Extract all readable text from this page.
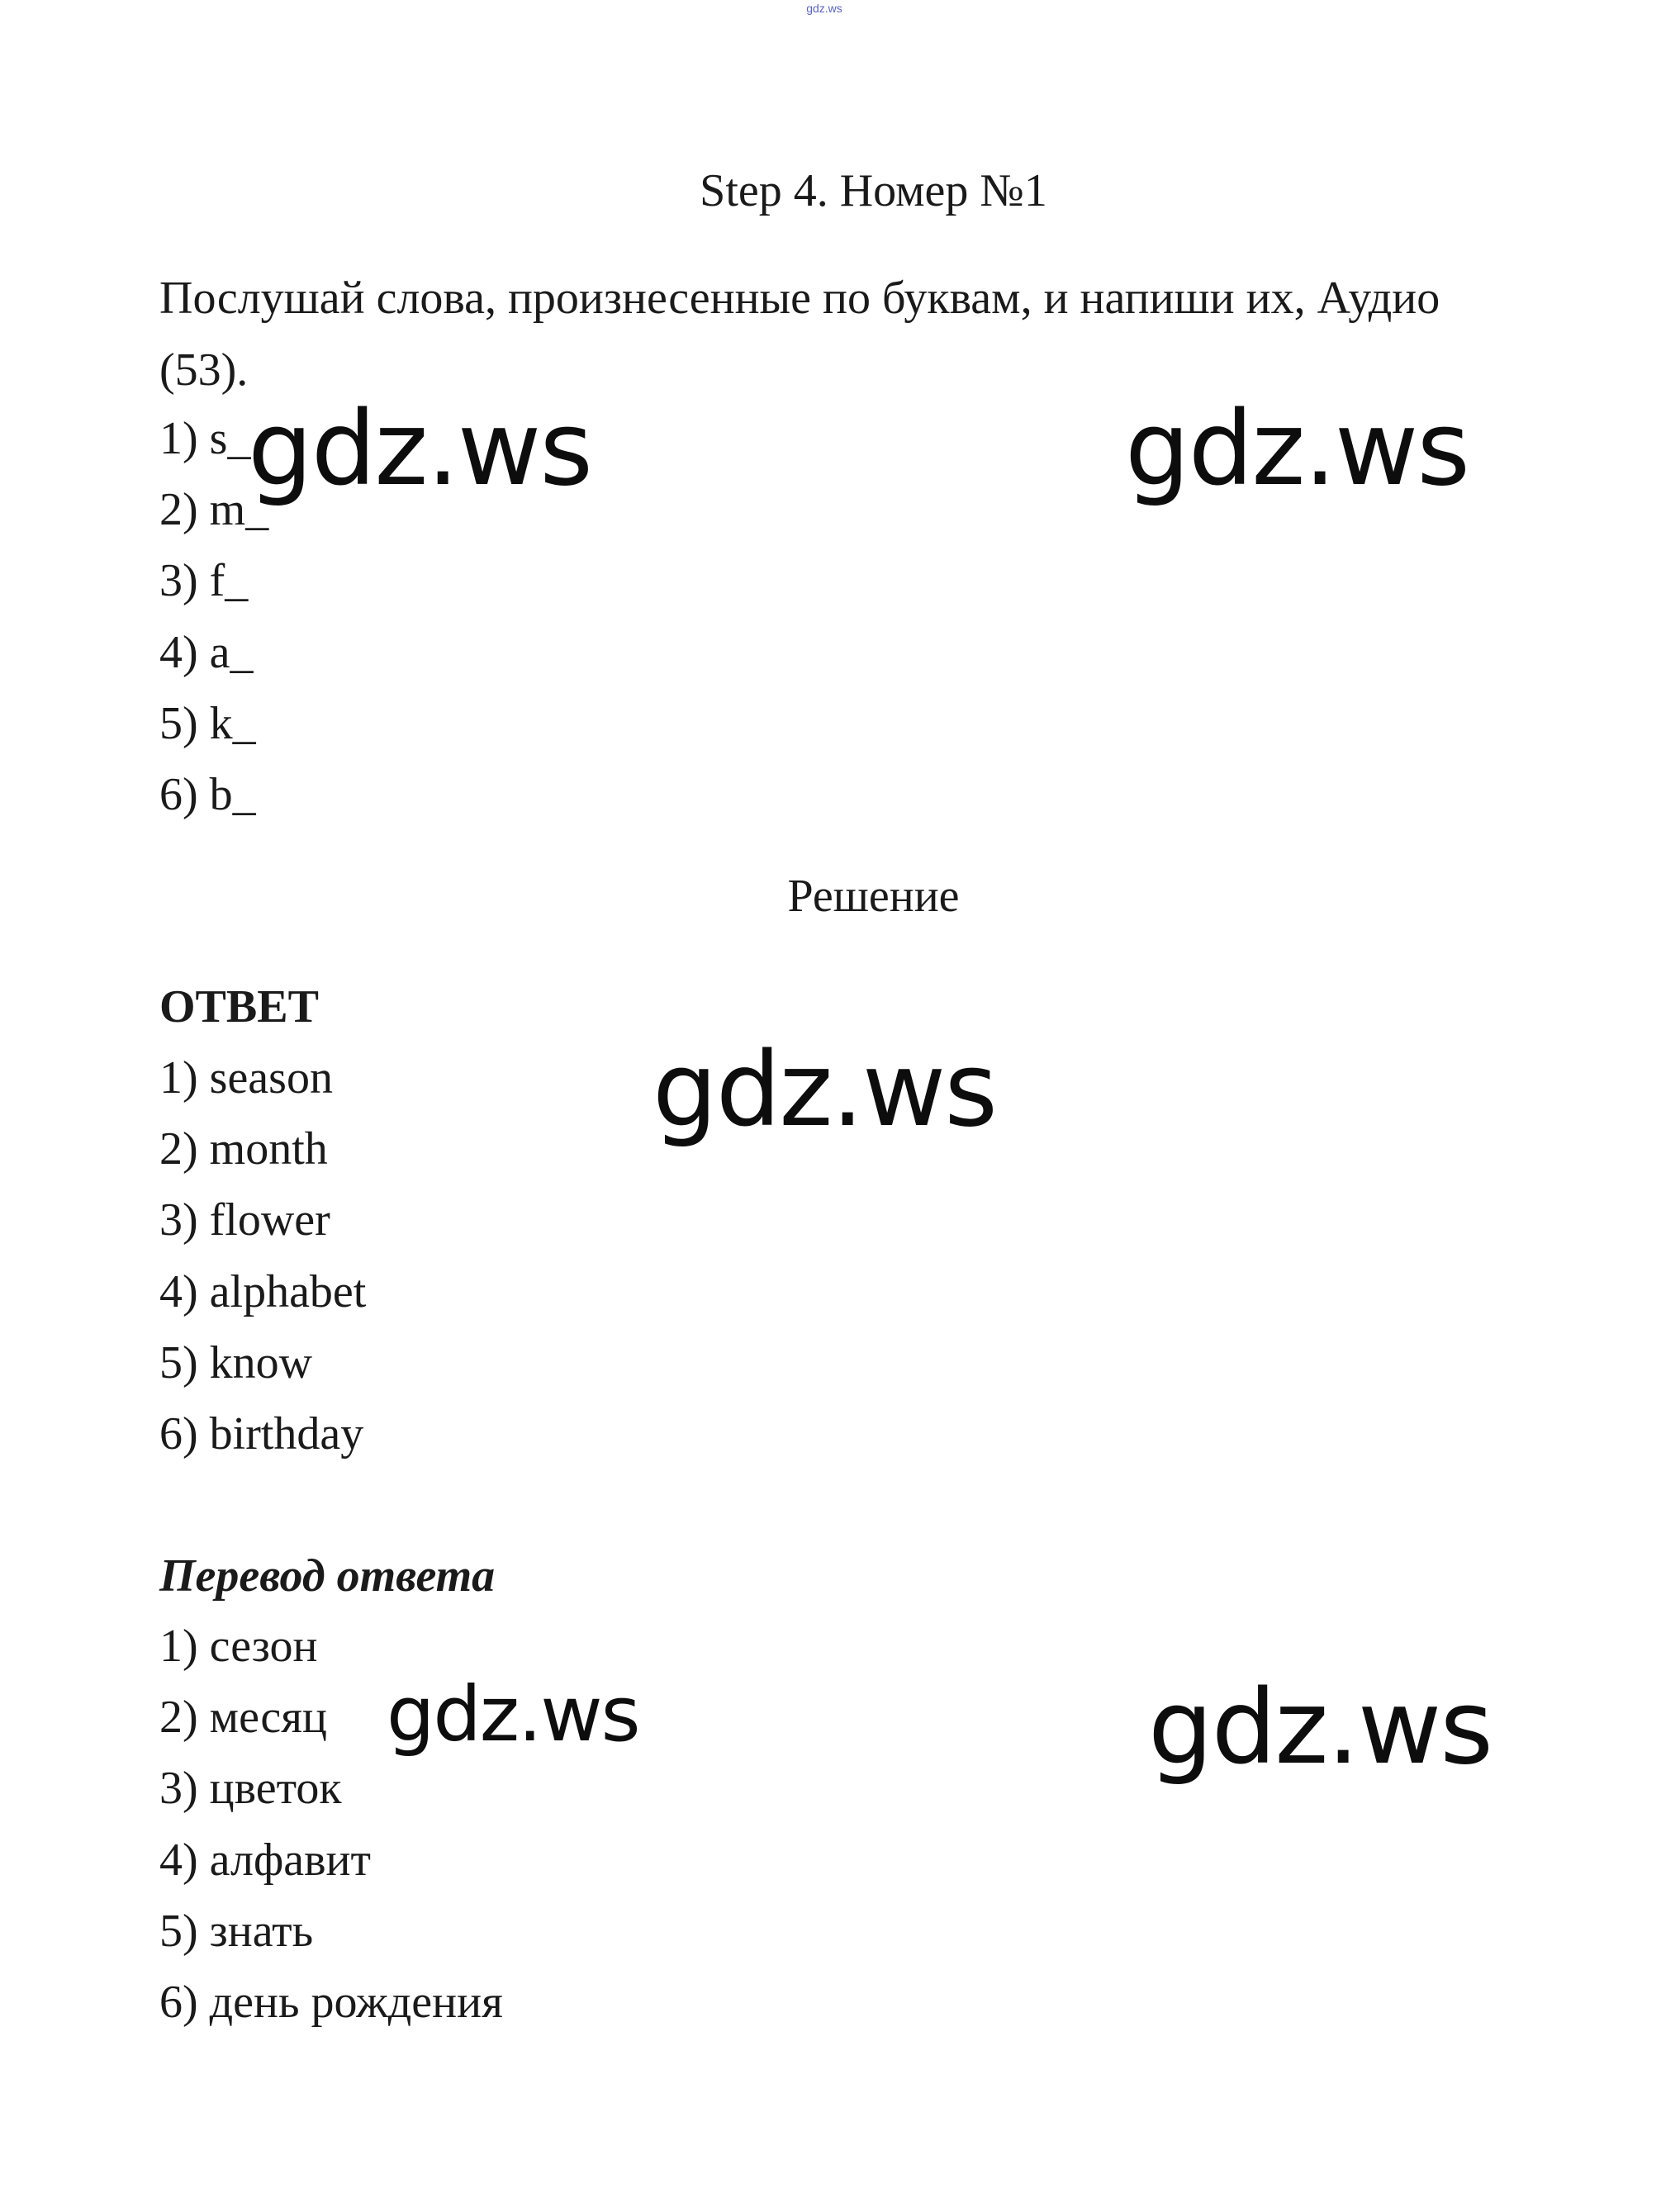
gdz.ws
Step 4. Номер №1
Послушай слова, произнесенные по буквам, и напиши их, Аудио (53).
1) s_
2) m_
3) f_
4) a_
5) k_
6) b_
Решение
ОТВЕТ
1) season
2) month
3) flower
4) alphabet
5) know
6) birthday
Перевод ответа
1) сезон
2) месяц
3) цветок
4) алфавит
5) знать
6) день рождения
gdz.ws	gdz.ws
gdz.ws
gdz.ws	gdz.ws
